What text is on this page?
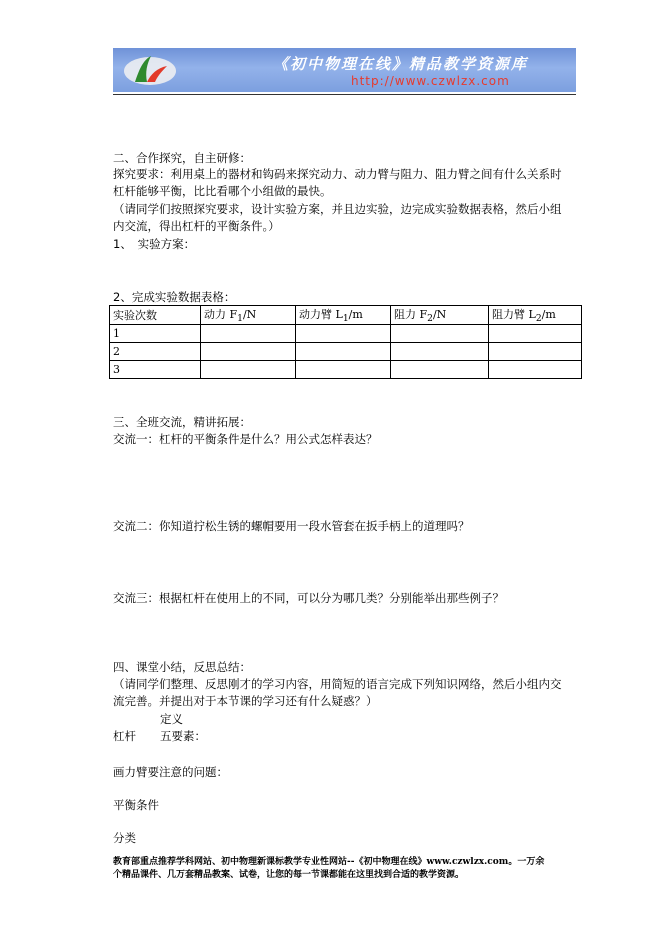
《初中物理在线》精品教学资源库
http://www.czwlzx.com
二、合作探究，自主研修：
探究要求：利用桌上的器材和钩码来探究动力、动力臂与阻力、阻力臂之间有什么关系时
杠杆能够平衡，比比看哪个小组做的最快。
（请同学们按照探究要求，设计实验方案，并且边实验，边完成实验数据表格，然后小组
内交流，得出杠杆的平衡条件。）
1、　实验方案：
2、完成实验数据表格：
实验次数	动力 $F_1/N$	动力臂 $L_1/m$	阻力 $F_2/N$	阻力臂 $L_2/m$
1				
2				
3				
三、全班交流，精讲拓展：
交流一：杠杆的平衡条件是什么？用公式怎样表达？
交流二：你知道拧松生锈的螺帽要用一段水管套在扳手柄上的道理吗？
交流三：根据杠杆在使用上的不同，可以分为哪几类？分别能举出那些例子？
四、课堂小结，反思总结：
（请同学们整理、反思刚才的学习内容，用简短的语言完成下列知识网络，然后小组内交
流完善。并提出对于本节课的学习还有什么疑惑？）
定义
杠杆 五要素：
画力臂要注意的问题：
平衡条件
分类
教育部重点推荐学科网站、初中物理新课标教学专业性网站--《初中物理在线》www.czwlzx.com。一万余
个精品课件、几万套精品教案、试卷，让您的每一节课都能在这里找到合适的教学资源。
